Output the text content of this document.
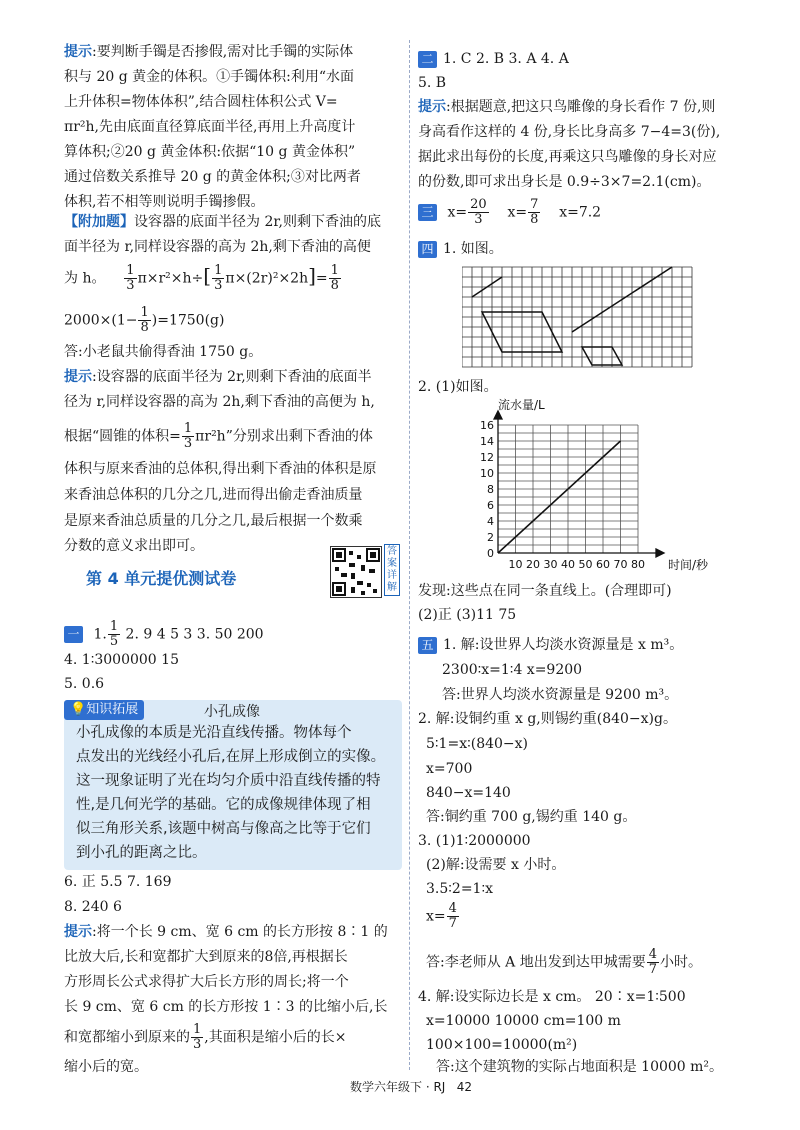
提示:要判断手镯是否掺假,需对比手镯的实际体
积与 20 g 黄金的体积。①手镯体积:利用“水面
上升体积=物体体积”,结合圆柱体积公式 V=
πr²h,先由底面直径算底面半径,再用上升高度计
算体积;②20 g 黄金体积:依据“10 g 黄金体积”
通过倍数关系推导 20 g 的黄金体积;③对比两者
体积,若不相等则说明手镯掺假。
【附加题】设容器的底面半径为 2r,则剩下香油的底
面半径为 r,同样设容器的高为 2h,剩下香油的高便
为 h。 $\frac{1}{3} \pi\times r^2\times h\div[ \frac{1}{3} \pi\times(2r)^2\times 2h]= \frac{1}{8}$
$2000\times(1- \frac{1}{8} )=1750(g)$
答:小老鼠共偷得香油 1750 g。
提示:设容器的底面半径为 2r,则剩下香油的底面半
径为 r,同样设容器的高为 2h,剩下香油的高便为 h,
根据“圆锥的体积= $\frac{1}{3} \pi r^2h$”分别求出剩下香油的体
体积与原来香油的总体积,得出剩下香油的体积是原
来香油总体积的几分之几,进而得出偷走香油质量
是原来香油总质量的几分之几,最后根据一个数乘
分数的意义求出即可。
一 1. $\frac{1}{5} 2$. 9 4 5 3 3. 50 200
4. 1∶3000000 15
5. 0.6
6. 正 5.5 7. 169
8. 240 6
提示:将一个长 9 cm、宽 6 cm 的长方形按 8∶1 的
比放大后,长和宽都扩大到原来的8倍,再根据长
方形周长公式求得扩大后长方形的周长;将一个
长 9 cm、宽 6 cm 的长方形按 1∶3 的比缩小后,长
和宽都缩小到原来的 $\frac{1}{3}$ ,其面积是缩小后的长×
缩小后的宽。
第 4 单元提优测试卷
答案详解
💡知识拓展	小孔成像
小孔成像的本质是光沿直线传播。物体每个
点发出的光线经小孔后,在屏上形成倒立的实像。
这一现象证明了光在均匀介质中沿直线传播的特
性,是几何光学的基础。它的成像规律体现了相
似三角形关系,该题中树高与像高之比等于它们
到小孔的距离之比。
二 1. C 2. B 3. A 4. A
5. B
提示:根据题意,把这只鸟雕像的身长看作 7 份,则
身高看作这样的 4 份,身长比身高多 7−4=3(份),
据此求出每份的长度,再乘这只鸟雕像的身长对应
的份数,即可求出身长是 0.9÷3×7=2.1(cm)。
三 $x= \frac{20}{3} x= \frac{7}{8} x=7.2$
四 1. 如图。
2. (1)如图。
0
2
4
6
8
10
12
14
16
10 20 30 40 50 60 70 80
流水量/L
时间/秒
发现:这些点在同一条直线上。(合理即可)
(2)正 (3)11 75
五 1. 解:设世界人均淡水资源量是 x m³。
2300∶x=1∶4 x=9200
答:世界人均淡水资源量是 9200 m³。
2. 解:设铜约重 x g,则锡约重(840−x)g。
5∶1=x∶(840−x)
x=700
840−x=140
答:铜约重 700 g,锡约重 140 g。
3. (1)1∶2000000
(2)解:设需要 x 小时。
3.5∶2=1∶x
$x= \frac{4}{7}$
答:李老师从 A 地出发到达甲城需要 $\frac{4}{7}$ 小时。
4. 解:设实际边长是 x cm。 20∶x=1∶500
x=10000 10000 cm=100 m
100×100=10000(m²)
答:这个建筑物的实际占地面积是 10000 m²。
数学六年级下 · RJ 42
